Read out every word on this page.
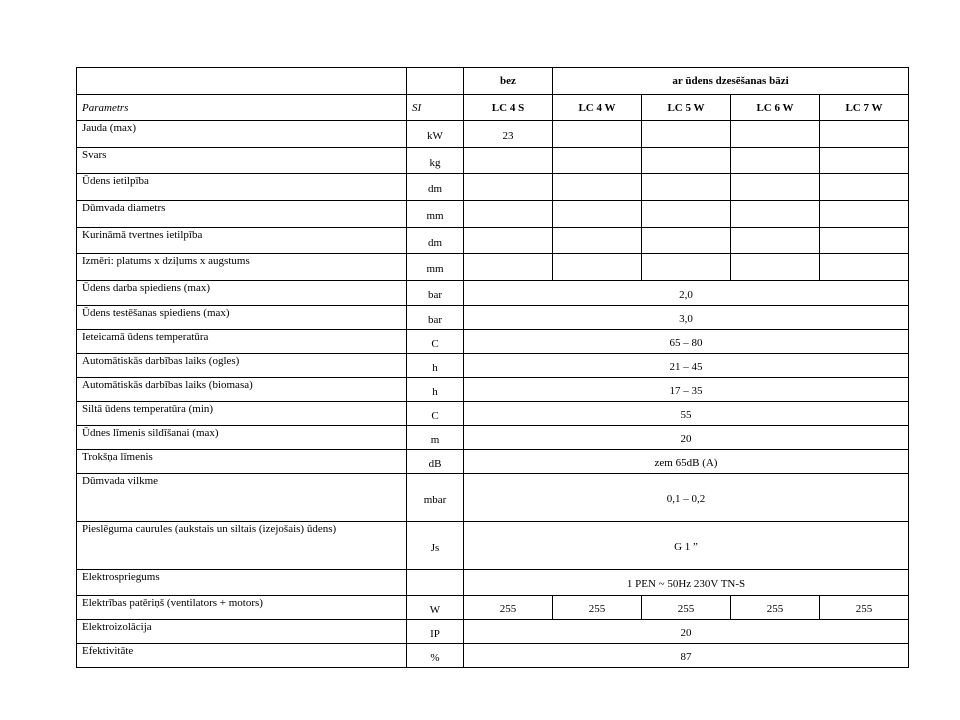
		bez	ar ūdens dzesēšanas bāzi			
Parametrs	SI	LC 4 S	LC 4 W	LC 5 W	LC 6 W	LC 7 W
Jauda (max)	kW	23				
Svars	kg					
Ūdens ietilpība	dm					
Dūmvada diametrs	mm					
Kurināmā tvertnes ietilpība	dm					
Izmēri: platums x dziļums x augstums	mm					
Ūdens darba spiediens (max)	bar	2,0				
Ūdens testēšanas spiediens (max)	bar	3,0				
Ieteicamā ūdens temperatūra	C	65 – 80				
Automātiskās darbības laiks (ogles)	h	21 – 45				
Automātiskās darbības laiks (biomasa)	h	17 – 35				
Siltā ūdens temperatūra (min)	C	55				
Ūdnes līmenis sildīšanai (max)	m	20				
Trokšņa līmenis	dB	zem 65dB (A)				
Dūmvada vilkme	mbar	0,1 – 0,2				
Pieslēguma caurules (aukstais un siltais (izejošais) ūdens)	Js	G 1 ”				
Elektrospriegums		1 PEN ~ 50Hz 230V TN-S				
Elektrības patēriņš (ventilators + motors)	W	255	255	255	255	255
Elektroizolācija	IP	20				
Efektivitāte	%	87				
